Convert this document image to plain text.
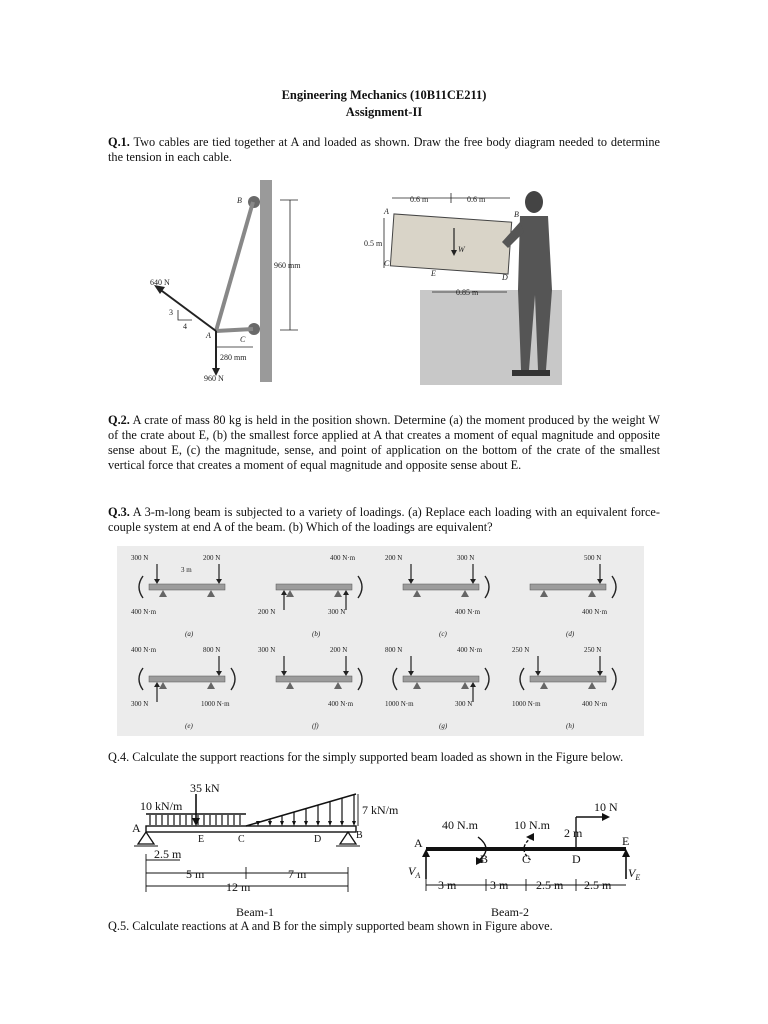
Engineering Mechanics (10B11CE211)
Assignment-II
Q.1. Two cables are tied together at A and loaded as shown. Draw the free body diagram needed to determine the tension in each cable.
B
A	C
640 N
960 N
960 mm
280 mm
3
4
0.6 m	0.6 m
0.5 m
0.85 m
A	B
C
D
E
W
Q.2. A crate of mass 80 kg is held in the position shown. Determine (a) the moment produced by the weight W of the crate about E, (b) the smallest force applied at A that creates a moment of equal magnitude and opposite sense about E, (c) the magnitude, sense, and point of application on the bottom of the crate of the smallest vertical force that creates a moment of equal magnitude and opposite sense about E.
Q.3. A 3-m-long beam is subjected to a variety of loadings. (a) Replace each loading with an equivalent force-couple system at end A of the beam. (b) Which of the loadings are equivalent?
300 N	200 N
400 N·m
3 m
(a)
400 N·m
200 N	300 N
(b)
200 N	300 N
400 N·m
(c)
500 N
400 N·m
(d)
400 N·m	800 N
300 N	1000 N·m
(e)
300 N	200 N
400 N·m
(f)
800 N	400 N·m
1000 N·m	300 N
(g)
250 N	250 N
1000 N·m	400 N·m
(h)
Q.4. Calculate the support reactions for the simply supported beam loaded as shown in the Figure below.
35 kN
10 kN/m	7 kN/m
A
E	C	D	B
2.5 m
5 m	7 m
12 m
40 N.m	10 N.m
10 N
2 m
A
B	C	D
E
$V_A$	$V_E$
3 m	3 m 2.5 m 2.5 m
Beam-1	Beam-2
Q.5. Calculate reactions at A and B for the simply supported beam shown in Figure above.
